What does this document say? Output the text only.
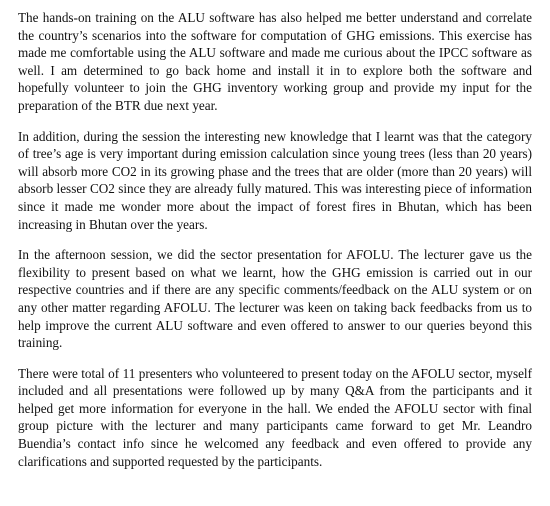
The hands-on training on the ALU software has also helped me better understand and correlate the country’s scenarios into the software for computation of GHG emissions. This exercise has made me comfortable using the ALU software and made me curious about the IPCC software as well. I am determined to go back home and install it in to explore both the software and hopefully volunteer to join the GHG inventory working group and provide my input for the preparation of the BTR due next year.

In addition, during the session the interesting new knowledge that I learnt was that the category of tree’s age is very important during emission calculation since young trees (less than 20 years) will absorb more CO2 in its growing phase and the trees that are older (more than 20 years) will absorb lesser CO2 since they are already fully matured. This was interesting piece of information since it made me wonder more about the impact of forest fires in Bhutan, which has been increasing in Bhutan over the years.

In the afternoon session, we did the sector presentation for AFOLU. The lecturer gave us the flexibility to present based on what we learnt, how the GHG emission is carried out in our respective countries and if there are any specific comments/feedback on the ALU system or on any other matter regarding AFOLU. The lecturer was keen on taking back feedbacks from us to help improve the current ALU software and even offered to answer to our queries beyond this training.

There were total of 11 presenters who volunteered to present today on the AFOLU sector, myself included and all presentations were followed up by many Q&A from the participants and it helped get more information for everyone in the hall. We ended the AFOLU sector with final group picture with the lecturer and many participants came forward to get Mr. Leandro Buendia’s contact info since he welcomed any feedback and even offered to provide any clarifications and supported requested by the participants.
